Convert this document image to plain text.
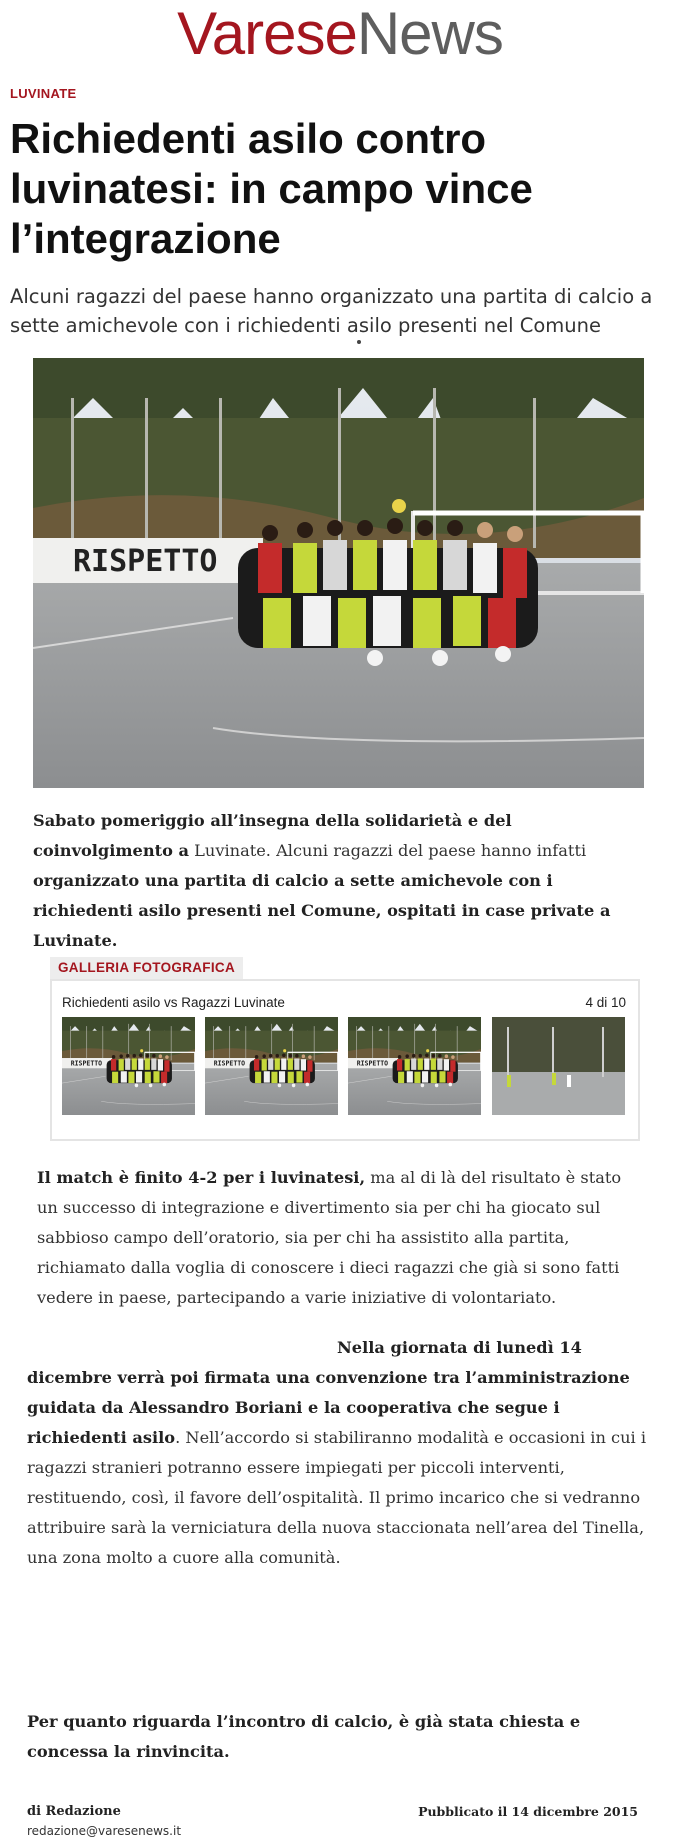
VareseNews
LUVINATE
Richiedenti asilo contro luvinatesi: in campo vince l’integrazione

Alcuni ragazzi del paese hanno organizzato una partita di calcio a sette amichevole con i richiedenti asilo presenti nel Comune

Sabato pomeriggio all’insegna della solidarietà e del coinvolgimento a Luvinate. Alcuni ragazzi del paese hanno infatti organizzato una partita di calcio a sette amichevole con i richiedenti asilo presenti nel Comune, ospitati in case private a Luvinate.

GALLERIA FOTOGRAFICA
Richiedenti asilo vs Ragazzi Luvinate	4 di 10

Il match è finito 4-2 per i luvinatesi, ma al di là del risultato è stato un successo di integrazione e divertimento sia per chi ha giocato sul sabbioso campo dell’oratorio, sia per chi ha assistito alla partita, richiamato dalla voglia di conoscere i dieci ragazzi che già si sono fatti vedere in paese, partecipando a varie iniziative di volontariato.

Nella giornata di lunedì 14 dicembre verrà poi firmata una convenzione tra l’amministrazione guidata da Alessandro Boriani e la cooperativa che segue i richiedenti asilo. Nell’accordo si stabiliranno modalità e occasioni in cui i ragazzi stranieri potranno essere impiegati per piccoli interventi, restituendo, così, il favore dell’ospitalità. Il primo incarico che si vedranno attribuire sarà la verniciatura della nuova staccionata nell’area del Tinella, una zona molto a cuore alla comunità.

Per quanto riguarda l’incontro di calcio, è già stata chiesta e concessa la rinvincita.

di Redazione
redazione@varesenews.it
Pubblicato il 14 dicembre 2015
